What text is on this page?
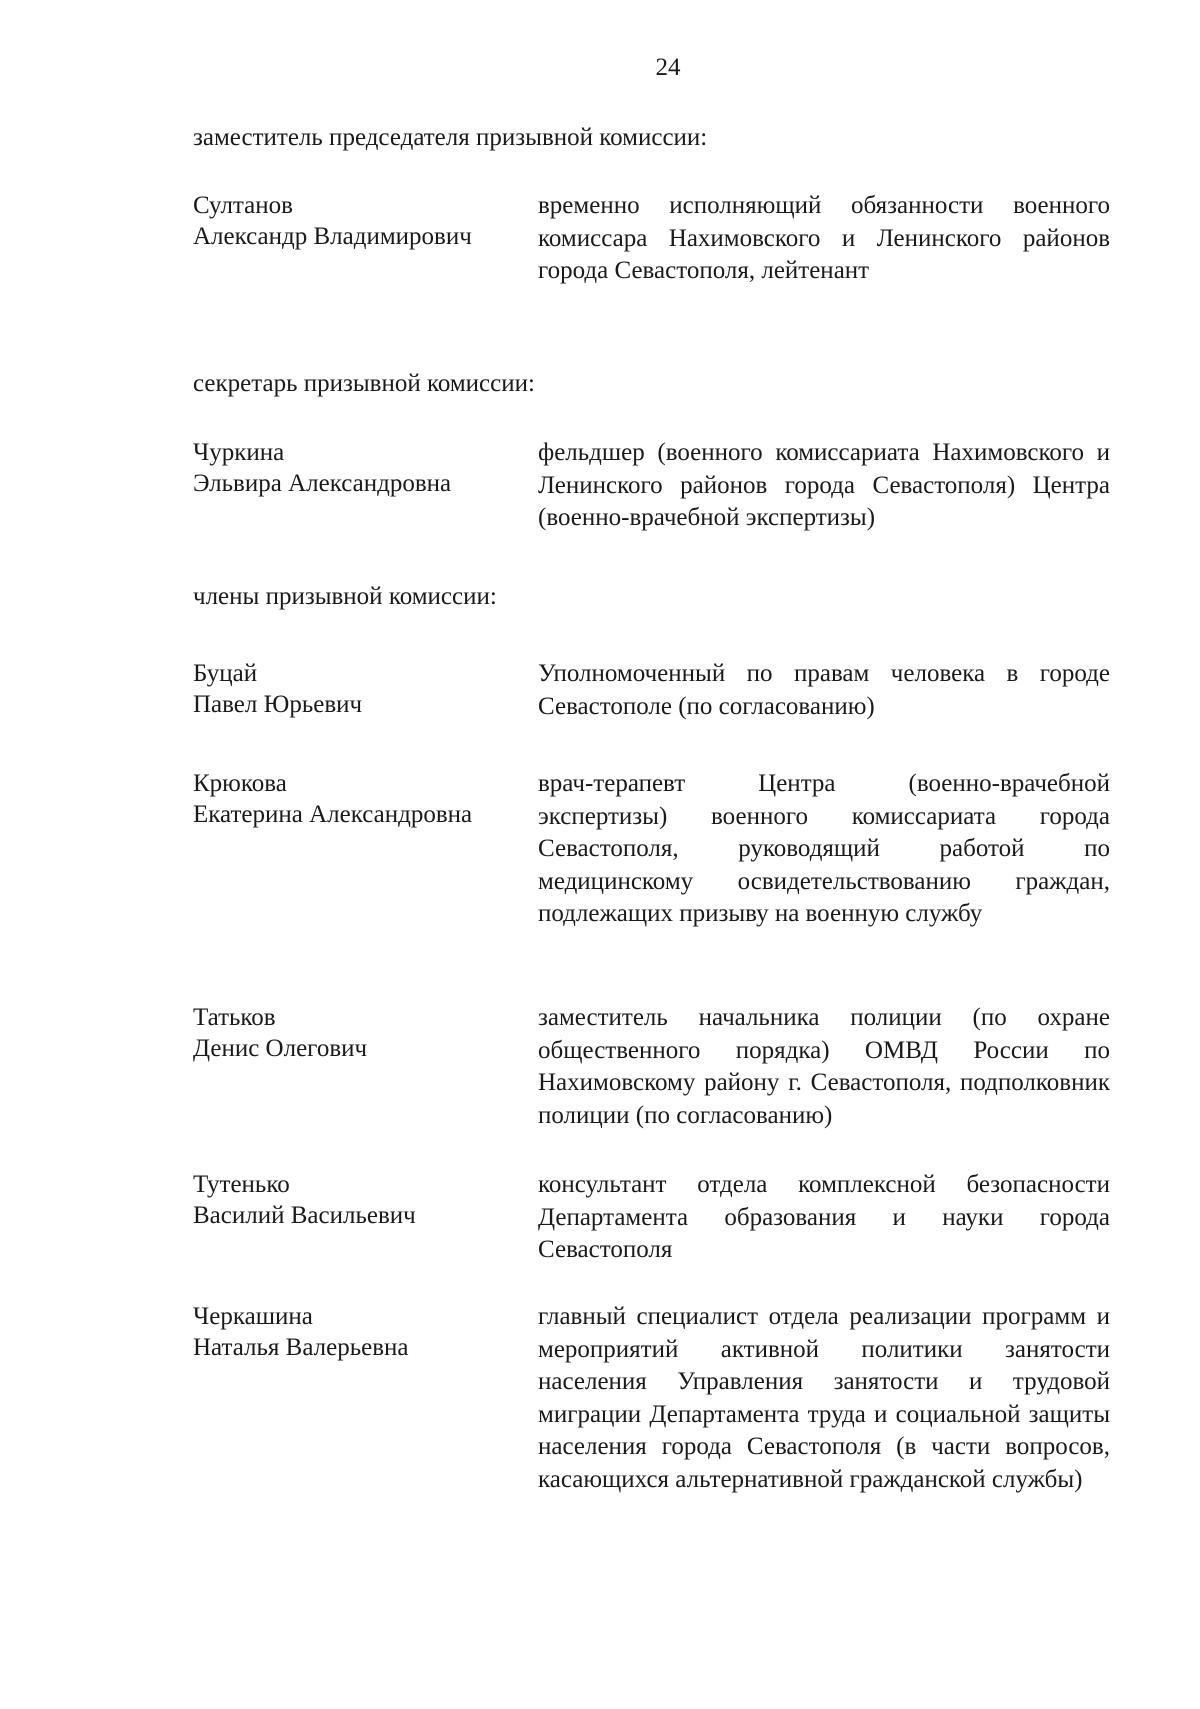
24
заместитель председателя призывной комиссии:
Султанов
Александр Владимирович
временно исполняющий обязанности военного комиссара Нахимовского и Ленинского районов города Севастополя, лейтенант
секретарь призывной комиссии:
Чуркина
Эльвира Александровна
фельдшер (военного комиссариата Нахимовского и Ленинского районов города Севастополя) Центра (военно-врачебной экспертизы)
члены призывной комиссии:
Буцай
Павел Юрьевич
Уполномоченный по правам человека в городе Севастополе (по согласованию)
Крюкова
Екатерина Александровна
врач-терапевт Центра (военно-врачебной экспертизы) военного комиссариата города Севастополя, руководящий работой по медицинскому освидетельствованию граждан, подлежащих призыву на военную службу
Татьков
Денис Олегович
заместитель начальника полиции (по охране общественного порядка) ОМВД России по Нахимовскому району г. Севастополя, подполковник полиции (по согласованию)
Тутенько
Василий Васильевич
консультант отдела комплексной безопасности Департамента образования и науки города Севастополя
Черкашина
Наталья Валерьевна
главный специалист отдела реализации программ и мероприятий активной политики занятости населения Управления занятости и трудовой миграции Департамента труда и социальной защиты населения города Севастополя (в части вопросов, касающихся альтернативной гражданской службы)
